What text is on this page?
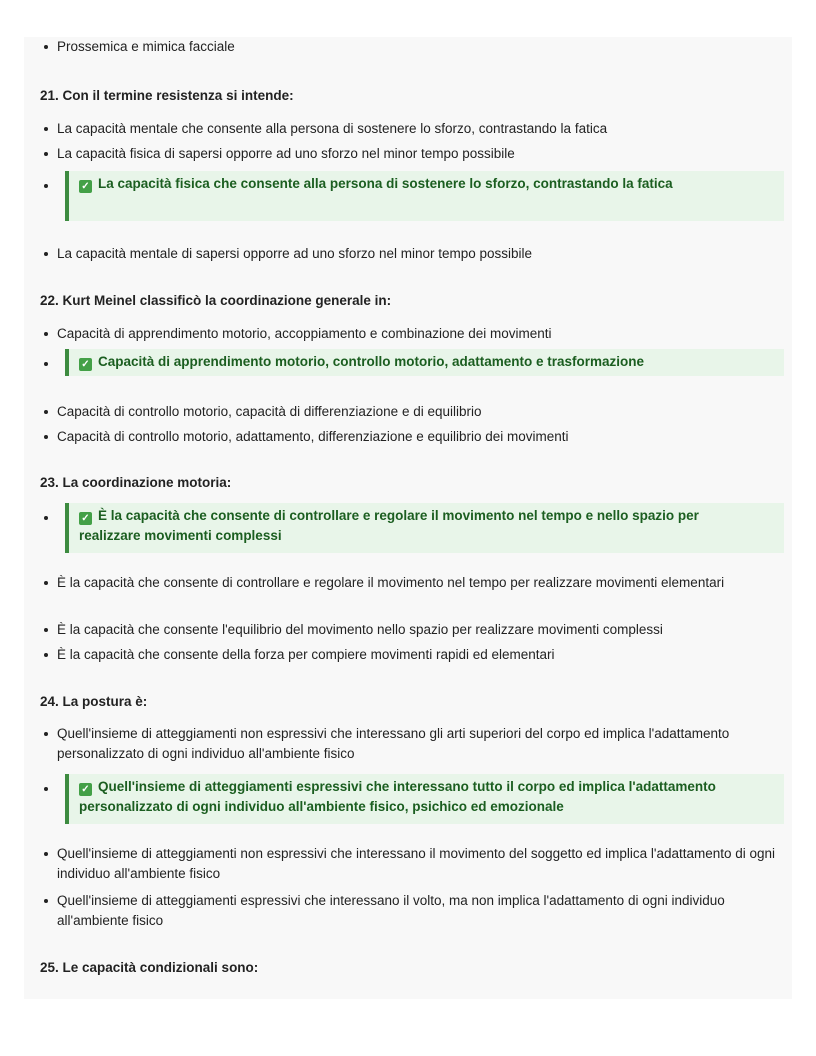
Prossemica e mimica facciale

21. Con il termine resistenza si intende:

La capacità mentale che consente alla persona di sostenere lo sforzo, contrastando la fatica
La capacità fisica di sapersi opporre ad uno sforzo nel minor tempo possibile
✓ La capacità fisica che consente alla persona di sostenere lo sforzo, contrastando la fatica
La capacità mentale di sapersi opporre ad uno sforzo nel minor tempo possibile

22. Kurt Meinel classificò la coordinazione generale in:

Capacità di apprendimento motorio, accoppiamento e combinazione dei movimenti
✓ Capacità di apprendimento motorio, controllo motorio, adattamento e trasformazione
Capacità di controllo motorio, capacità di differenziazione e di equilibrio
Capacità di controllo motorio, adattamento, differenziazione e equilibrio dei movimenti

23. La coordinazione motoria:

✓ È la capacità che consente di controllare e regolare il movimento nel tempo e nello spazio per realizzare movimenti complessi
È la capacità che consente di controllare e regolare il movimento nel tempo per realizzare movimenti elementari
È la capacità che consente l'equilibrio del movimento nello spazio per realizzare movimenti complessi
È la capacità che consente della forza per compiere movimenti rapidi ed elementari

24. La postura è:

Quell'insieme di atteggiamenti non espressivi che interessano gli arti superiori del corpo ed implica l'adattamento personalizzato di ogni individuo all'ambiente fisico
✓ Quell'insieme di atteggiamenti espressivi che interessano tutto il corpo ed implica l'adattamento personalizzato di ogni individuo all'ambiente fisico, psichico ed emozionale
Quell'insieme di atteggiamenti non espressivi che interessano il movimento del soggetto ed implica l'adattamento di ogni individuo all'ambiente fisico
Quell'insieme di atteggiamenti espressivi che interessano il volto, ma non implica l'adattamento di ogni individuo all'ambiente fisico

25. Le capacità condizionali sono:
